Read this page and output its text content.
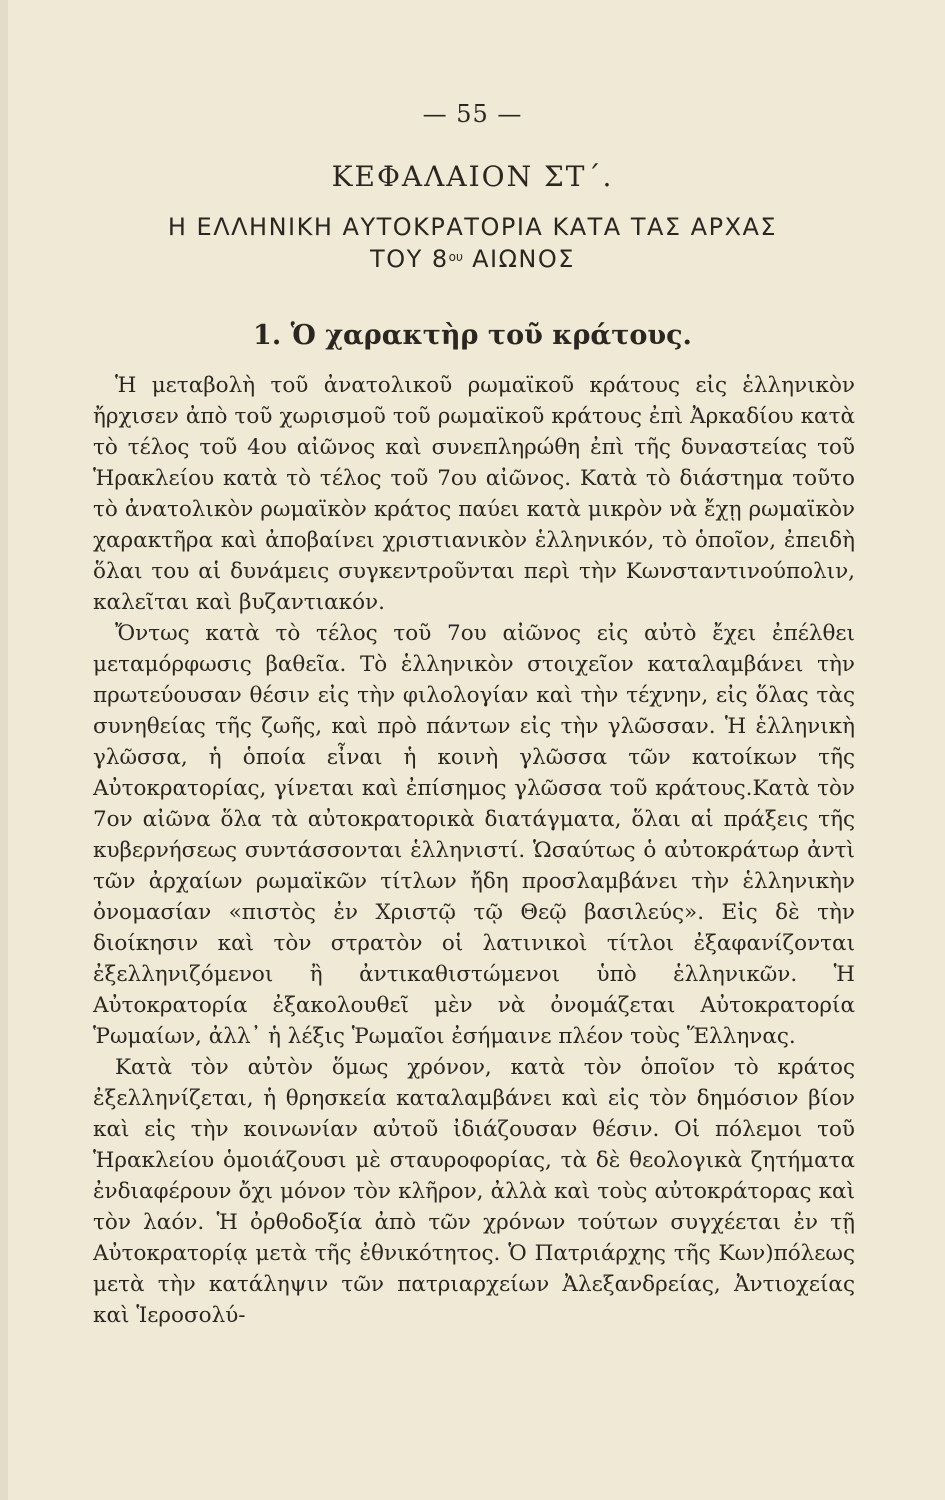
— 55 —
ΚΕΦΑΛΑΙΟΝ ΣΤ΄.
Η ΕΛΛΗΝΙΚΗ ΑΥΤΟΚΡΑΤΟΡΙΑ ΚΑΤΑ ΤΑΣ ΑΡΧΑΣ
ΤΟΥ $8^{o\upsilon}$ ΑΙΩΝΟΣ
1. Ὁ χαρακτὴρ τοῦ κράτους.

Ἡ μεταβολὴ τοῦ ἀνατολικοῦ ρωμαϊκοῦ κράτους εἰς ἑλληνικὸν ἤρχισεν ἀπὸ τοῦ χωρισμοῦ τοῦ ρωμαϊκοῦ κράτους ἐπὶ Ἀρκαδίου κατὰ τὸ τέλος τοῦ 4ου αἰῶνος καὶ συνεπληρώθη ἐπὶ τῆς δυναστείας τοῦ Ἡρακλείου κατὰ τὸ τέλος τοῦ 7ου αἰῶνος. Κατὰ τὸ διάστημα τοῦτο τὸ ἀνατολικὸν ρωμαϊκὸν κράτος παύει κατὰ μικρὸν νὰ ἔχῃ ρωμαϊκὸν χαρακτῆρα καὶ ἀποβαίνει χριστιανικὸν ἑλληνικόν, τὸ ὁποῖον, ἐπειδὴ ὅλαι του αἱ δυνάμεις συγκεντροῦνται περὶ τὴν Κωνσταντινούπολιν, καλεῖται καὶ βυζαντιακόν.

Ὄντως κατὰ τὸ τέλος τοῦ 7ου αἰῶνος εἰς αὐτὸ ἔχει ἐπέλθει μεταμόρφωσις βαθεῖα. Τὸ ἑλληνικὸν στοιχεῖον καταλαμβάνει τὴν πρωτεύουσαν θέσιν εἰς τὴν φιλολογίαν καὶ τὴν τέχνην, εἰς ὅλας τὰς συνηθείας τῆς ζωῆς, καὶ πρὸ πάντων εἰς τὴν γλῶσσαν. Ἡ ἑλληνικὴ γλῶσσα, ἡ ὁποία εἶναι ἡ κοινὴ γλῶσσα τῶν κατοίκων τῆς Αὐτοκρατορίας, γίνεται καὶ ἐπίσημος γλῶσσα τοῦ κράτους.Κατὰ τὸν 7ον αἰῶνα ὅλα τὰ αὐτοκρατορικὰ διατάγματα, ὅλαι αἱ πράξεις τῆς κυβερνήσεως συντάσσονται ἑλληνιστί. Ὡσαύτως ὁ αὐτοκράτωρ ἀντὶ τῶν ἀρχαίων ρωμαϊκῶν τίτλων ἤδη προσλαμβάνει τὴν ἑλληνικὴν ὀνομασίαν «πιστὸς ἐν Χριστῷ τῷ Θεῷ βασιλεύς». Εἰς δὲ τὴν διοίκησιν καὶ τὸν στρατὸν οἱ λατινικοὶ τίτλοι ἐξαφανίζονται ἐξελληνιζόμενοι ἢ ἀντικαθιστώμενοι ὑπὸ ἑλληνικῶν. Ἡ Αὐτοκρατορία ἐξακολουθεῖ μὲν νὰ ὀνομάζεται Αὐτοκρατορία Ῥωμαίων, ἀλλ᾽ ἡ λέξις Ῥωμαῖοι ἐσήμαινε πλέον τοὺς Ἕλληνας.

Κατὰ τὸν αὐτὸν ὅμως χρόνον, κατὰ τὸν ὁποῖον τὸ κράτος ἐξελληνίζεται, ἡ θρησκεία καταλαμβάνει καὶ εἰς τὸν δημόσιον βίον καὶ εἰς τὴν κοινωνίαν αὐτοῦ ἰδιάζουσαν θέσιν. Οἱ πόλεμοι τοῦ Ἡρακλείου ὁμοιάζουσι μὲ σταυροφορίας, τὰ δὲ θεολογικὰ ζητήματα ἐνδιαφέρουν ὄχι μόνον τὸν κλῆρον, ἀλλὰ καὶ τοὺς αὐτοκράτορας καὶ τὸν λαόν. Ἡ ὀρθοδοξία ἀπὸ τῶν χρόνων τούτων συγχέεται ἐν τῇ Αὐτοκρατορίᾳ μετὰ τῆς ἐθνικότητος. Ὁ Πατριάρχης τῆς Κων)πόλεως μετὰ τὴν κατάληψιν τῶν πατριαρχείων Ἀλεξανδρείας, Ἀντιοχείας καὶ Ἱεροσολύ-
